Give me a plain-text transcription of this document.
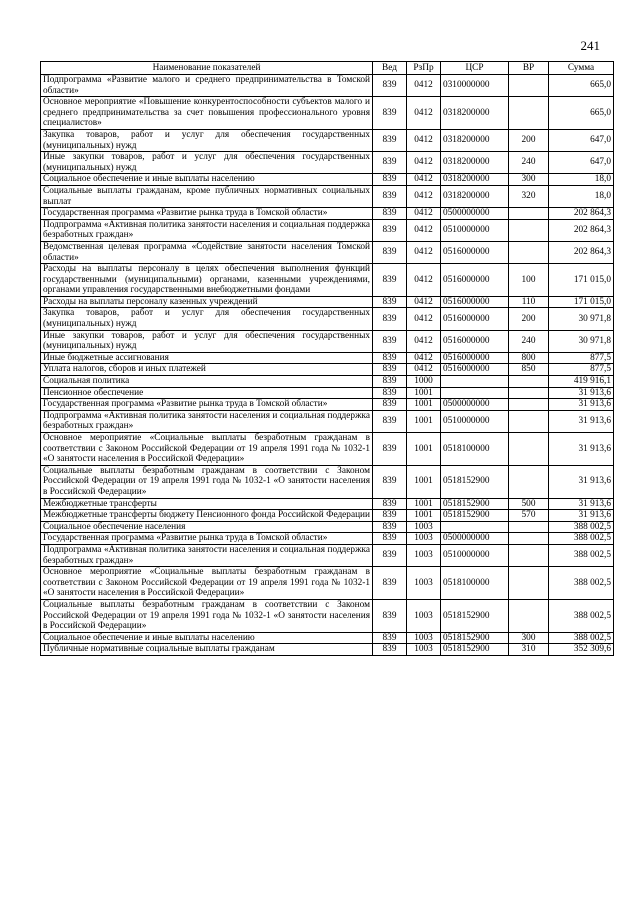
241
Наименование показателей	Вед	РзПр	ЦСР	ВР	Сумма
Подпрограмма «Развитие малого и среднего предпринимательства в Томской области»	839	0412	0310000000		665,0
Основное мероприятие «Повышение конкурентоспособности субъектов малого и среднего предпринимательства за счет повышения профессионального уровня специалистов»	839	0412	0318200000		665,0
Закупка товаров, работ и услуг для обеспечения государственных (муниципальных) нужд	839	0412	0318200000	200	647,0
Иные закупки товаров, работ и услуг для обеспечения государственных (муниципальных) нужд	839	0412	0318200000	240	647,0
Социальное обеспечение и иные выплаты населению	839	0412	0318200000	300	18,0
Социальные выплаты гражданам, кроме публичных нормативных социальных выплат	839	0412	0318200000	320	18,0
Государственная программа «Развитие рынка труда в Томской области»	839	0412	0500000000		202 864,3
Подпрограмма «Активная политика занятости населения и социальная поддержка безработных граждан»	839	0412	0510000000		202 864,3
Ведомственная целевая программа «Содействие занятости населения Томской области»	839	0412	0516000000		202 864,3
Расходы на выплаты персоналу в целях обеспечения выполнения функций государственными (муниципальными) органами, казенными учреждениями, органами управления государственными внебюджетными фондами	839	0412	0516000000	100	171 015,0
Расходы на выплаты персоналу казенных учреждений	839	0412	0516000000	110	171 015,0
Закупка товаров, работ и услуг для обеспечения государственных (муниципальных) нужд	839	0412	0516000000	200	30 971,8
Иные закупки товаров, работ и услуг для обеспечения государственных (муниципальных) нужд	839	0412	0516000000	240	30 971,8
Иные бюджетные ассигнования	839	0412	0516000000	800	877,5
Уплата налогов, сборов и иных платежей	839	0412	0516000000	850	877,5
Социальная политика	839	1000			419 916,1
Пенсионное обеспечение	839	1001			31 913,6
Государственная программа «Развитие рынка труда в Томской области»	839	1001	0500000000		31 913,6
Подпрограмма «Активная политика занятости населения и социальная поддержка безработных граждан»	839	1001	0510000000		31 913,6
Основное мероприятие «Социальные выплаты безработным гражданам в соответствии с Законом Российской Федерации от 19 апреля 1991 года № 1032-1 «О занятости населения в Российской Федерации»	839	1001	0518100000		31 913,6
Социальные выплаты безработным гражданам в соответствии с Законом Российской Федерации от 19 апреля 1991 года № 1032-1 «О занятости населения в Российской Федерации»	839	1001	0518152900		31 913,6
Межбюджетные трансферты	839	1001	0518152900	500	31 913,6
Межбюджетные трансферты бюджету Пенсионного фонда Российской Федерации	839	1001	0518152900	570	31 913,6
Социальное обеспечение населения	839	1003			388 002,5
Государственная программа «Развитие рынка труда в Томской области»	839	1003	0500000000		388 002,5
Подпрограмма «Активная политика занятости населения и социальная поддержка безработных граждан»	839	1003	0510000000		388 002,5
Основное мероприятие «Социальные выплаты безработным гражданам в соответствии с Законом Российской Федерации от 19 апреля 1991 года № 1032-1 «О занятости населения в Российской Федерации»	839	1003	0518100000		388 002,5
Социальные выплаты безработным гражданам в соответствии с Законом Российской Федерации от 19 апреля 1991 года № 1032-1 «О занятости населения в Российской Федерации»	839	1003	0518152900		388 002,5
Социальное обеспечение и иные выплаты населению	839	1003	0518152900	300	388 002,5
Публичные нормативные социальные выплаты гражданам	839	1003	0518152900	310	352 309,6
